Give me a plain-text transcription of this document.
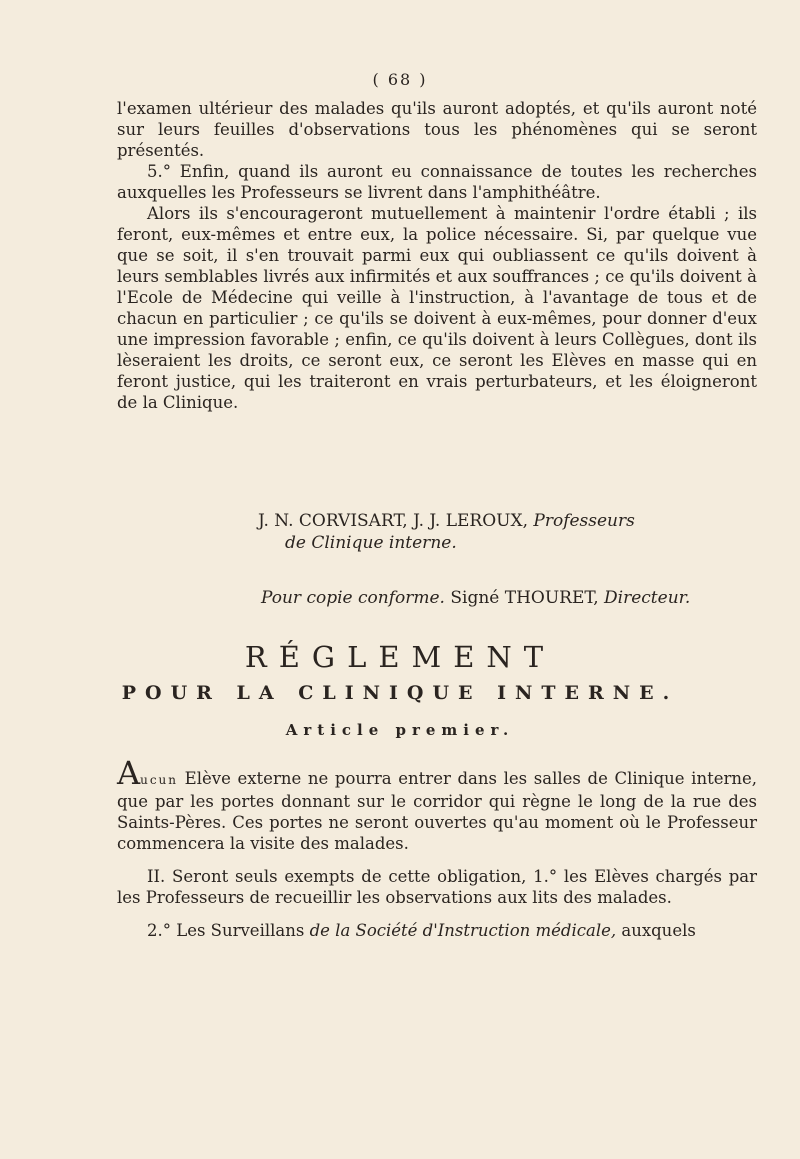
( 68 )

l'examen ultérieur des malades qu'ils auront adoptés, et qu'ils auront noté sur leurs feuilles d'observations tous les phénomènes qui se seront présentés.

5.° Enfin, quand ils auront eu connaissance de toutes les recherches auxquelles les Professeurs se livrent dans l'amphithéâtre.

Alors ils s'encourageront mutuellement à maintenir l'ordre établi ; ils feront, eux-mêmes et entre eux, la police nécessaire. Si, par quelque vue que se soit, il s'en trouvait parmi eux qui oubliassent ce qu'ils doivent à leurs semblables livrés aux infirmités et aux souffrances ; ce qu'ils doivent à l'Ecole de Médecine qui veille à l'instruction, à l'avantage de tous et de chacun en particulier ; ce qu'ils se doivent à eux-mêmes, pour donner d'eux une impression favorable ; enfin, ce qu'ils doivent à leurs Collègues, dont ils lèseraient les droits, ce seront eux, ce seront les Elèves en masse qui en feront justice, qui les traiteront en vrais perturbateurs, et les éloigneront de la Clinique.

J. N. CORVISART, J. J. LEROUX, Professeurs
de Clinique interne.
Pour copie conforme. Signé THOURET, Directeur.
RÉGLEMENT
POUR LA CLINIQUE INTERNE.
Article premier.

Aucun Elève externe ne pourra entrer dans les salles de Clinique interne, que par les portes donnant sur le corridor qui règne le long de la rue des Saints-Pères. Ces portes ne seront ouvertes qu'au moment où le Professeur commencera la visite des malades.

II. Seront seuls exempts de cette obligation, 1.° les Elèves chargés par les Professeurs de recueillir les observations aux lits des malades.

2.° Les Surveillans de la Société d'Instruction médicale, auxquels
